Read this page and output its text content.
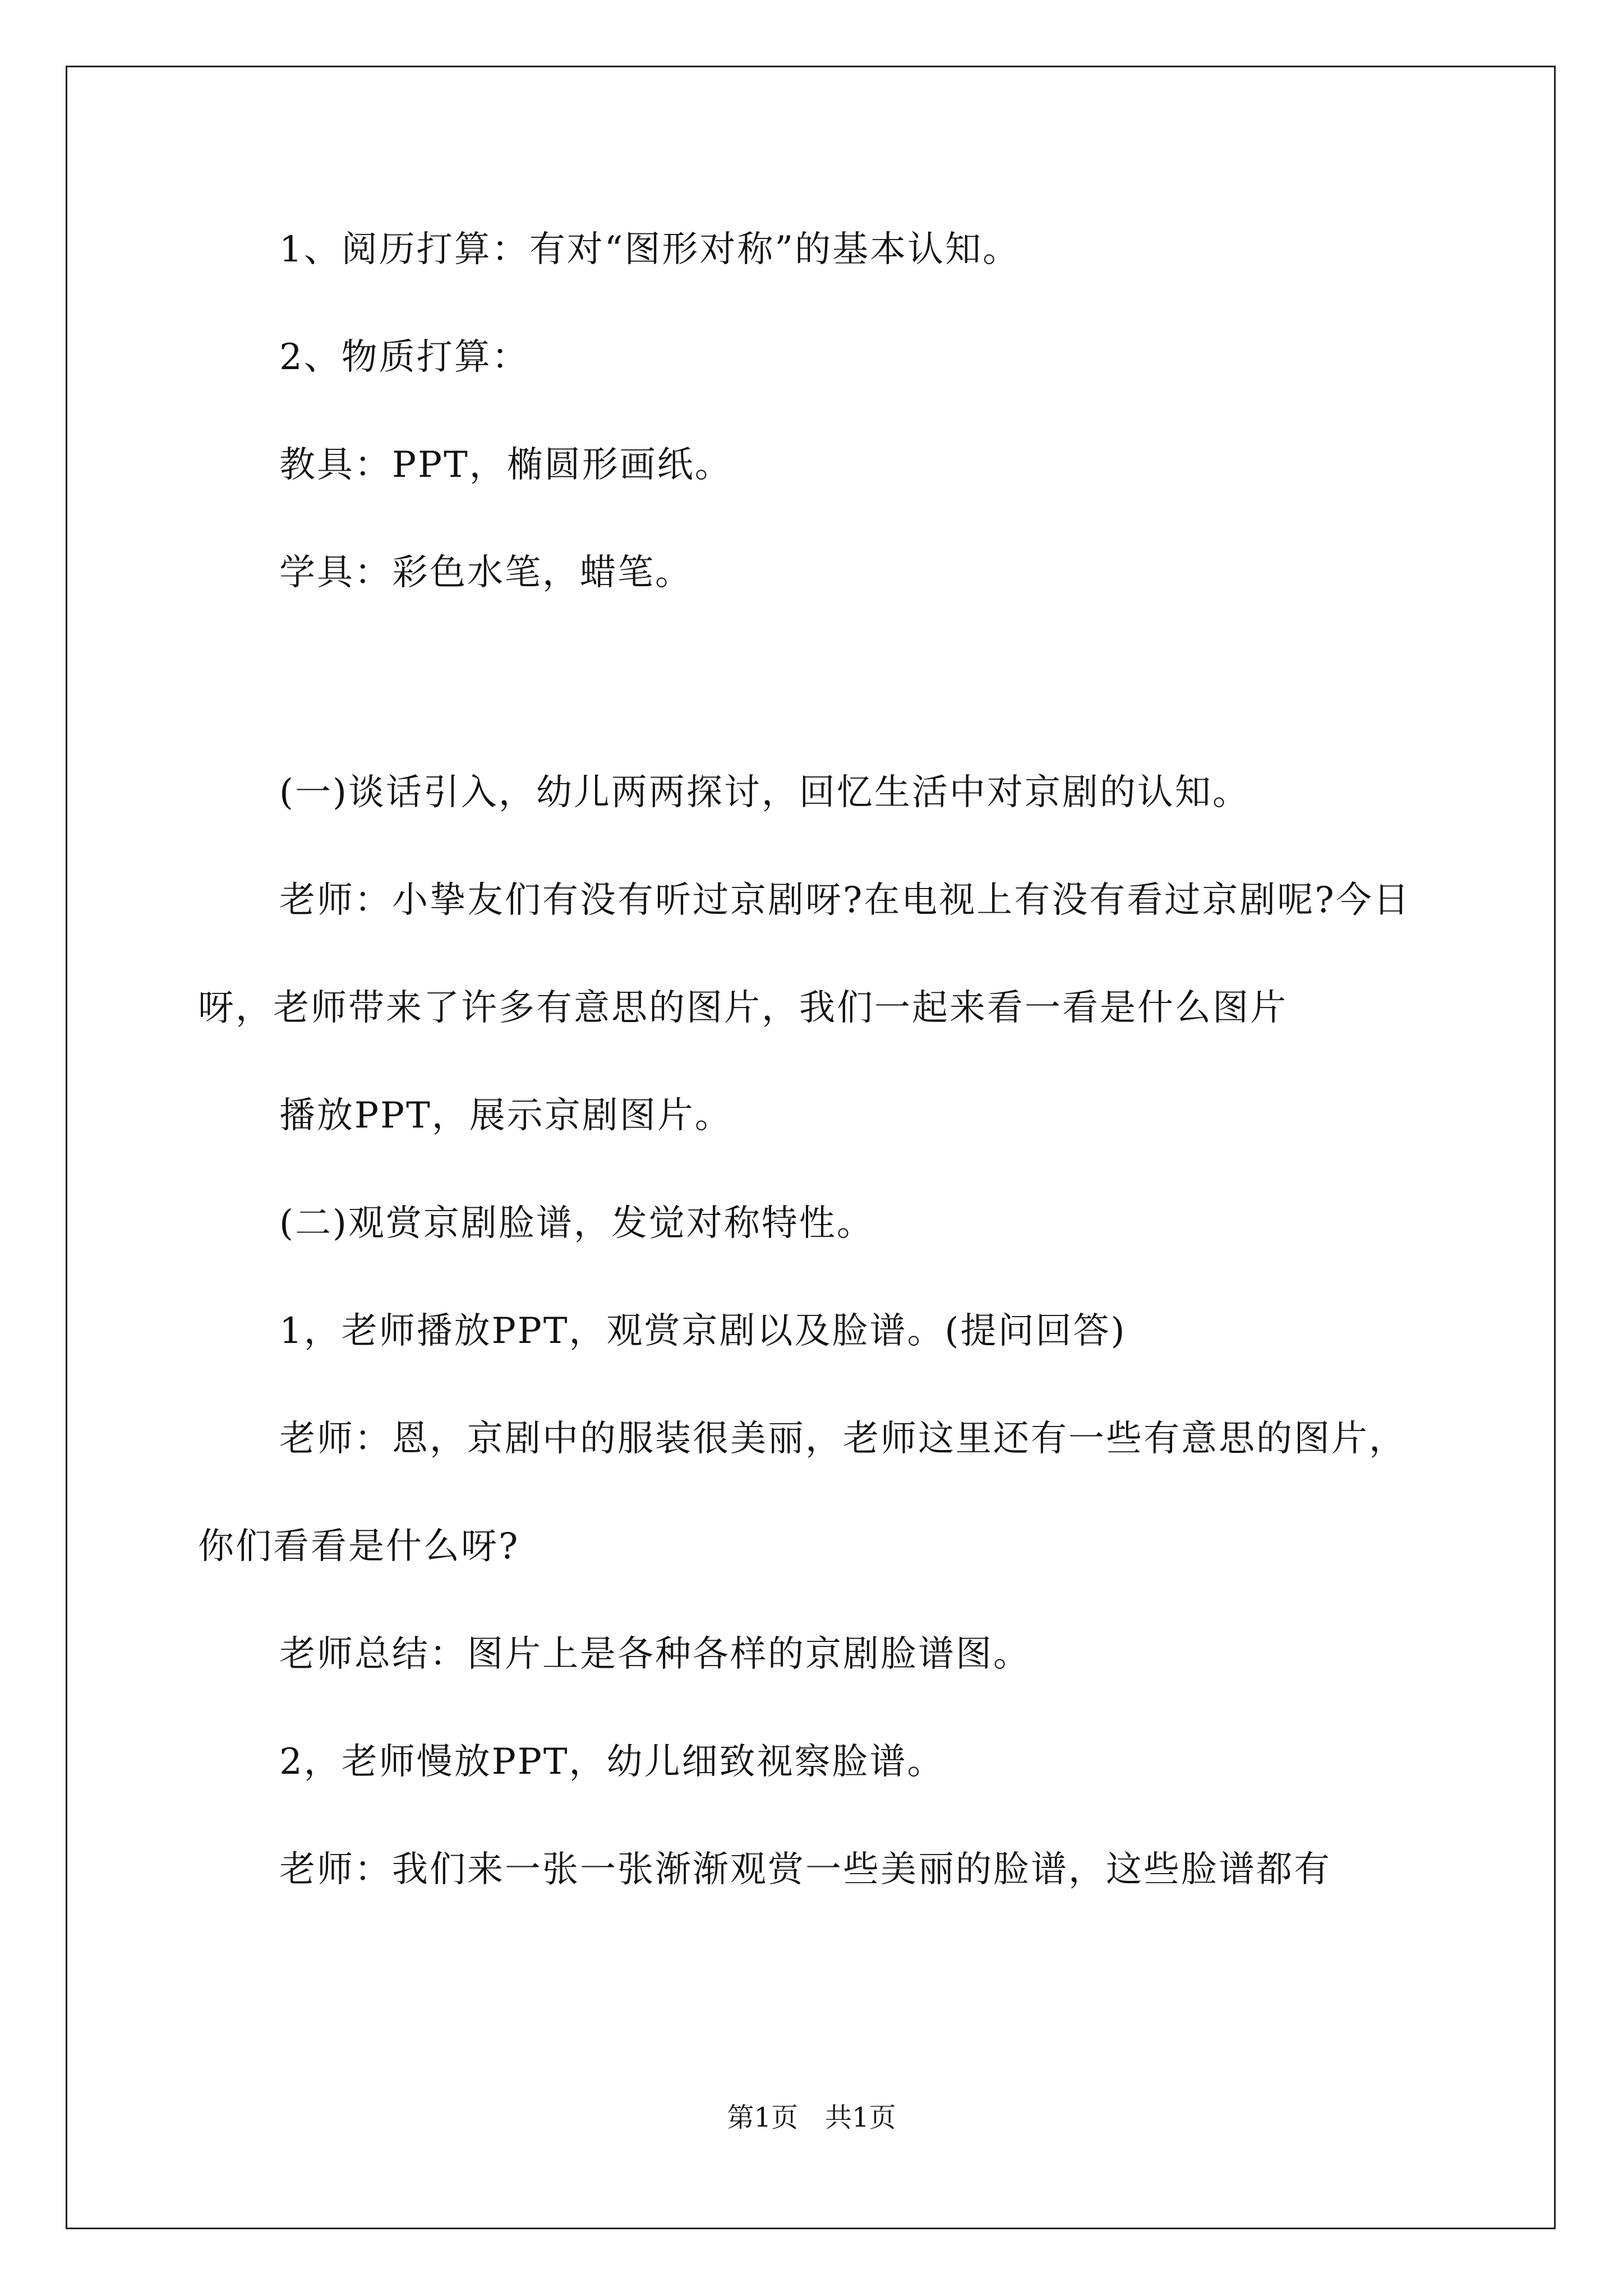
1、阅历打算：有对“图形对称”的基本认知。

2、物质打算：

教具：PPT，椭圆形画纸。

学具：彩色水笔，蜡笔。

(一)谈话引入，幼儿两两探讨，回忆生活中对京剧的认知。

老师：小挚友们有没有听过京剧呀?在电视上有没有看过京剧呢?今日呀，老师带来了许多有意思的图片，我们一起来看一看是什么图片

播放PPT，展示京剧图片。

(二)观赏京剧脸谱，发觉对称特性。

1，老师播放PPT，观赏京剧以及脸谱。(提问回答)

老师：恩，京剧中的服装很美丽，老师这里还有一些有意思的图片，你们看看是什么呀?

老师总结：图片上是各种各样的京剧脸谱图。

2，老师慢放PPT，幼儿细致视察脸谱。

老师：我们来一张一张渐渐观赏一些美丽的脸谱，这些脸谱都有

第1页　共1页
